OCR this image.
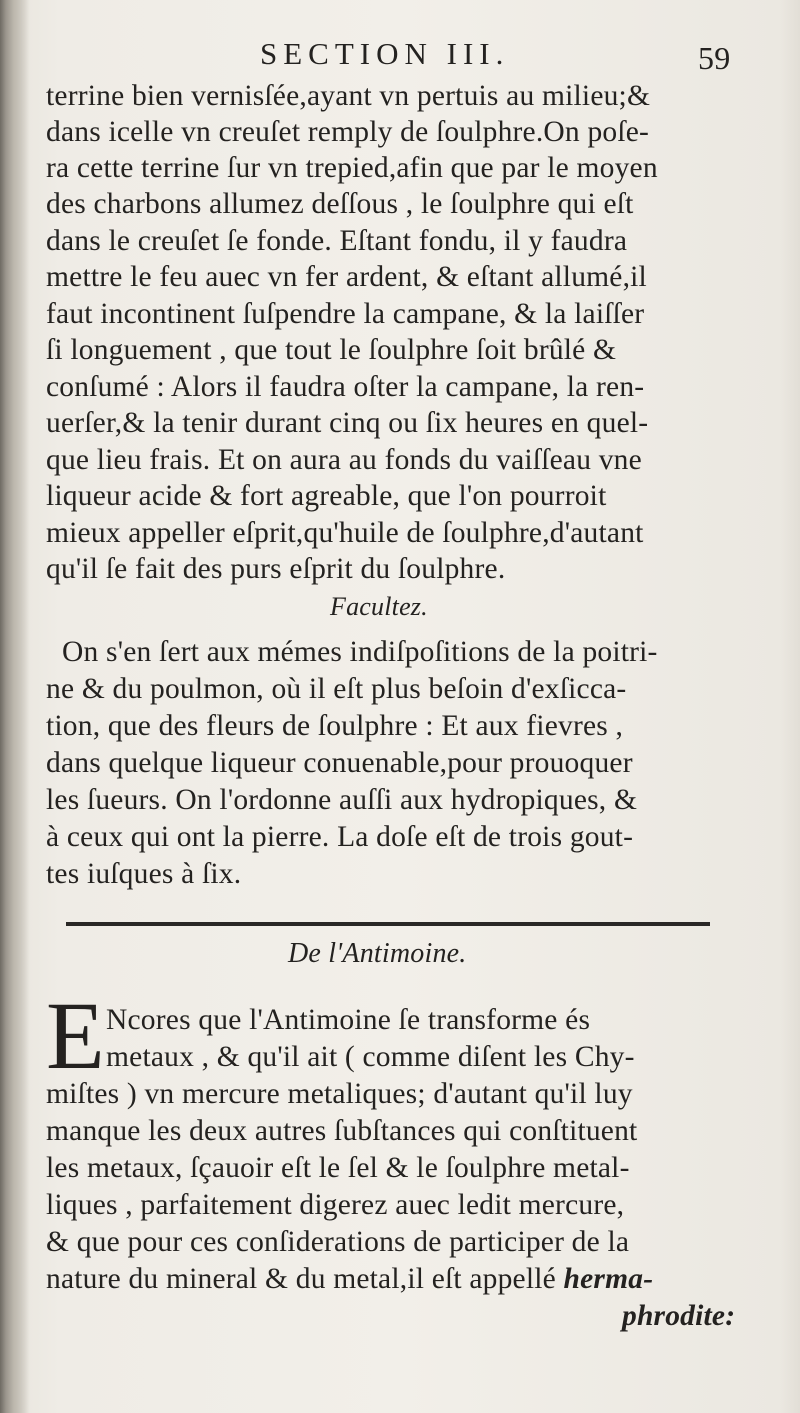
SECTION III.	59
terrine bien vernisſée,ayant vn pertuis au milieu;&
dans icelle vn creuſet remply de ſoulphre.On poſe-
ra cette terrine ſur vn trepied,afin que par le moyen
des charbons allumez deſſous , le ſoulphre qui eſt
dans le creuſet ſe fonde. Eſtant fondu, il y faudra
mettre le feu auec vn fer ardent, & eſtant allumé,il
faut incontinent ſuſpendre la campane, & la laiſſer
ſi longuement , que tout le ſoulphre ſoit brûlé &
conſumé : Alors il faudra oſter la campane, la ren-
uerſer,& la tenir durant cinq ou ſix heures en quel-
que lieu frais. Et on aura au fonds du vaiſſeau vne
liqueur acide & fort agreable, que l'on pourroit
mieux appeller eſprit,qu'huile de ſoulphre,d'autant
qu'il ſe fait des purs eſprit du ſoulphre.
Facultez.
On s'en ſert aux mémes indiſpoſitions de la poitri-
ne & du poulmon, où il eſt plus beſoin d'exſicca-
tion, que des fleurs de ſoulphre : Et aux fievres ,
dans quelque liqueur conuenable,pour prouoquer
les ſueurs. On l'ordonne auſſi aux hydropiques, &
à ceux qui ont la pierre. La doſe eſt de trois gout-
tes iuſques à ſix.
De l'Antimoine.
E Ncores que l'Antimoine ſe transforme és
metaux , & qu'il ait ( comme diſent les Chy-
miſtes ) vn mercure metaliques; d'autant qu'il luy
manque les deux autres ſubſtances qui conſtituent
les metaux, ſçauoir eſt le ſel & le ſoulphre metal-
liques , parfaitement digerez auec ledit mercure,
& que pour ces conſiderations de participer de la
nature du mineral & du metal,il eſt appellé herma-
phrodite:
